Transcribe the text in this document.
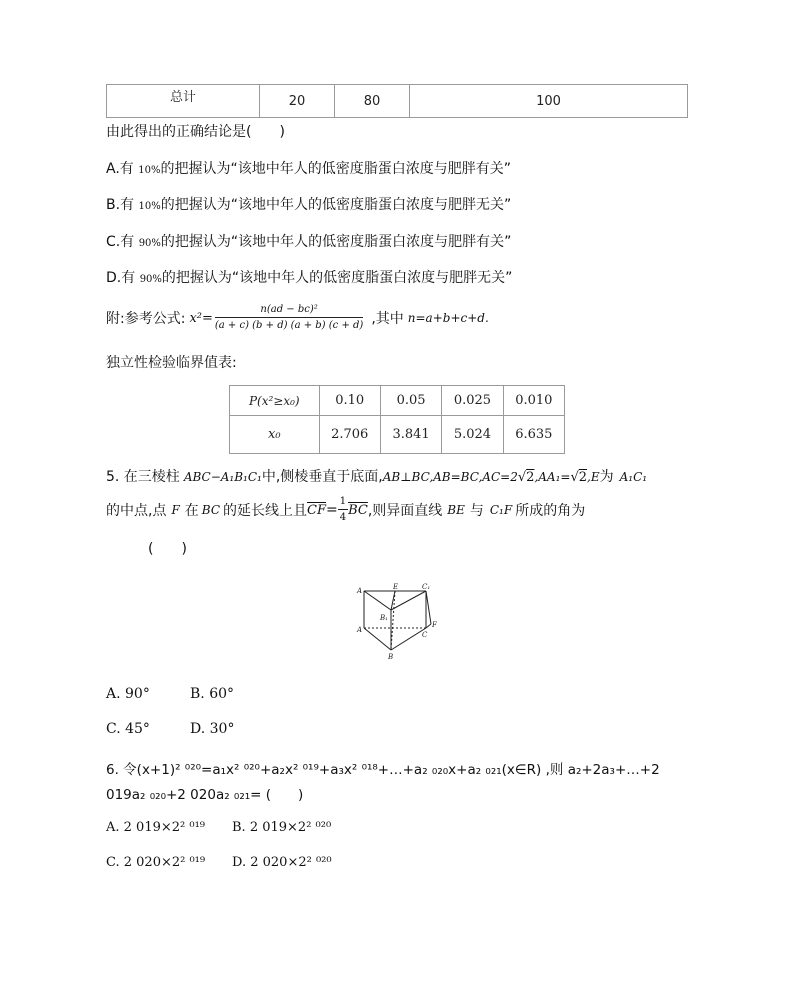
总计	20	80	100
由此得出的正确结论是(　　)
A.有 10%的把握认为“该地中年人的低密度脂蛋白浓度与肥胖有关”
B.有 10%的把握认为“该地中年人的低密度脂蛋白浓度与肥胖无关”
C.有 90%的把握认为“该地中年人的低密度脂蛋白浓度与肥胖有关”
D.有 90%的把握认为“该地中年人的低密度脂蛋白浓度与肥胖无关”
附:参考公式: $x^2= \frac{\text{n(ad − bc)²}}{(a + c) (b + d) (a + b) (c + d)}$ ,其中 n=a+b+c+d.
独立性检验临界值表:
P(x²≥x₀)	0.10	0.05	0.025	0.010
x₀	2.706	3.841	5.024	6.635
5. 在三棱柱 ABC−A₁B₁C₁ 中,侧棱垂直于底面, AB⊥BC,AB=BC,AC=2 √2 ,AA₁= √2 ,E 为 A₁C₁
的中点,点 F 在 BC 的延长线上且 $\overline{CF} = \frac{1}{4} \overline{BC}$ ,则异面直线 BE 与 C₁F 所成的角为
(　　)
A	E	C₁
B₁
A
C
F
B
A. 90°	B. 60°
C. 45°	D. 30°
6. 令(x+1)² ⁰²⁰=a₁x² ⁰²⁰+a₂x² ⁰¹⁹+a₃x² ⁰¹⁸+…+a₂ ₀₂₀x+a₂ ₀₂₁(x∈R) ,则 a₂+2a₃+…+2
019a₂ ₀₂₀+2 020a₂ ₀₂₁= (　　)
A. 2 019×2² ⁰¹⁹ B. 2 019×2² ⁰²⁰
C. 2 020×2² ⁰¹⁹ D. 2 020×2² ⁰²⁰
